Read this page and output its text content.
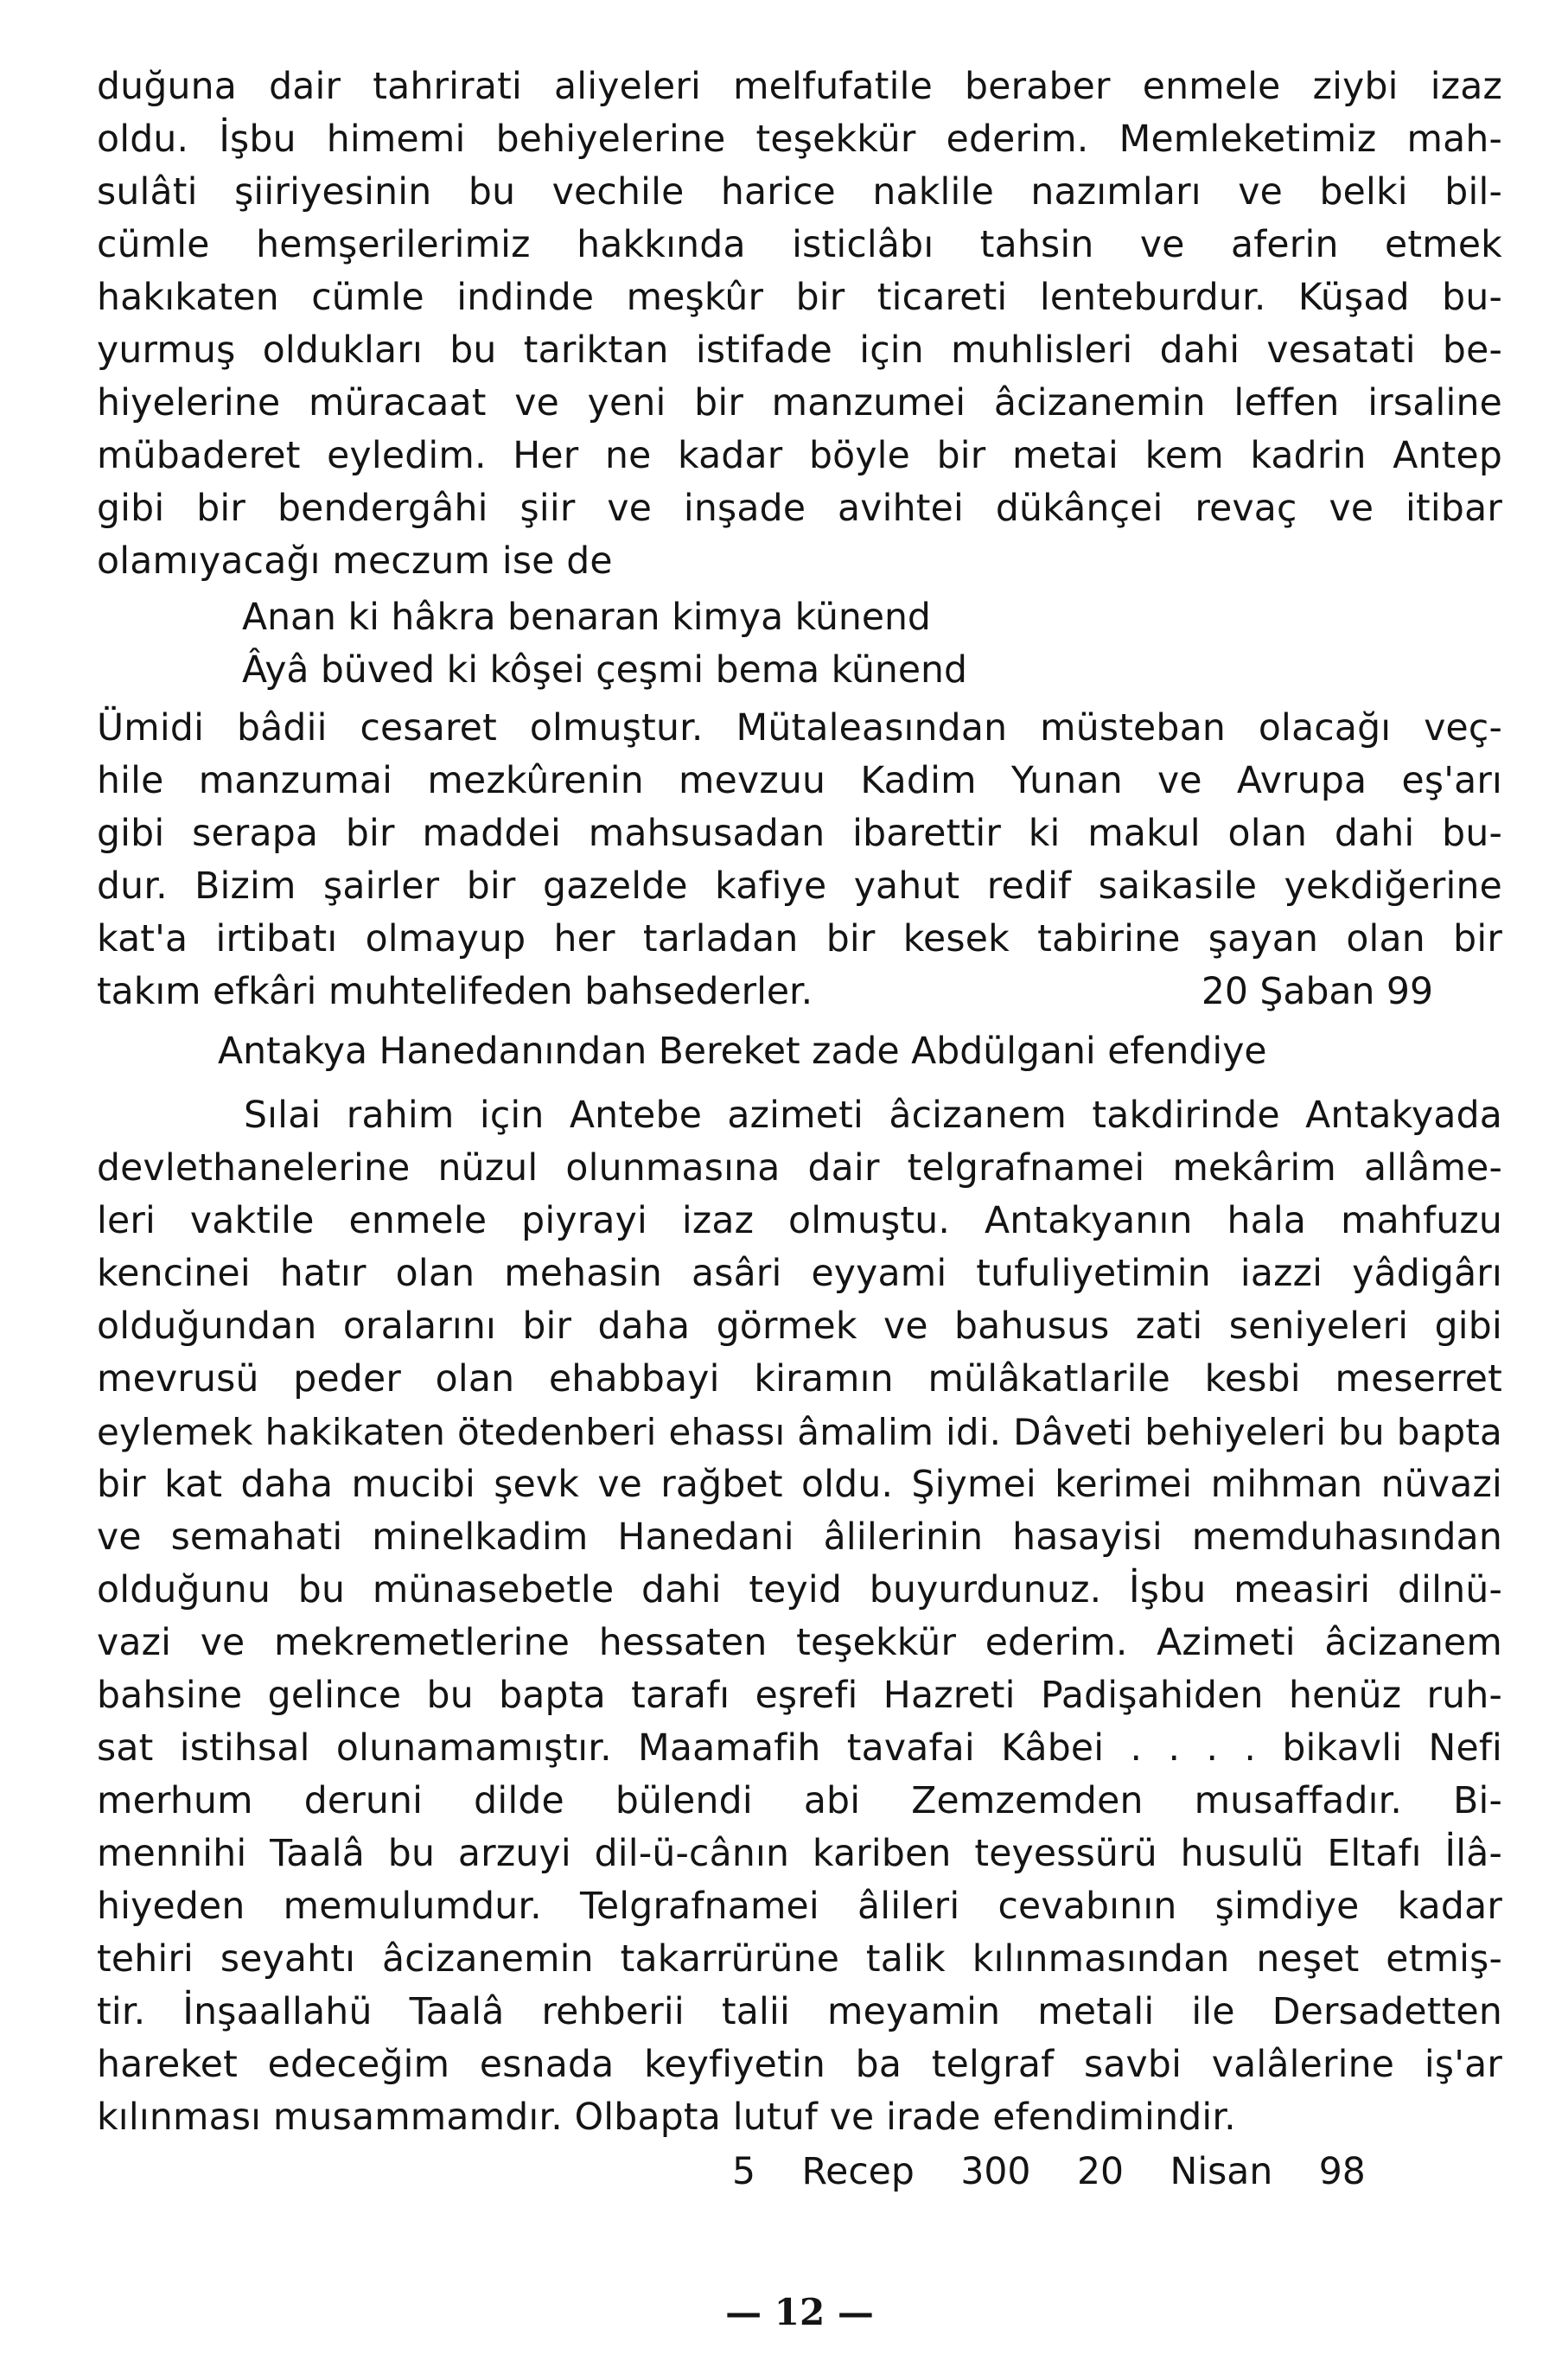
duğuna dair tahrirati aliyeleri melfufatile beraber enmele ziybi izaz
oldu. İşbu himemi behiyelerine teşekkür ederim. Memleketimiz mah-
sulâti şiiriyesinin bu vechile harice naklile nazımları ve belki bil-
cümle hemşerilerimiz hakkında isticlâbı tahsin ve aferin etmek
hakıkaten cümle indinde meşkûr bir ticareti lenteburdur. Küşad bu-
yurmuş oldukları bu tariktan istifade için muhlisleri dahi vesatati be-
hiyelerine müracaat ve yeni bir manzumei âcizanemin leffen irsaline
mübaderet eyledim. Her ne kadar böyle bir metai kem kadrin Antep
gibi bir bendergâhi şiir ve inşade avihtei dükânçei revaç ve itibar
olamıyacağı meczum ise de
Anan ki hâkra benaran kimya künend
Âyâ büved ki kôşei çeşmi bema künend
Ümidi bâdii cesaret olmuştur. Mütaleasından müsteban olacağı veç-
hile manzumai mezkûrenin mevzuu Kadim Yunan ve Avrupa eş'arı
gibi serapa bir maddei mahsusadan ibarettir ki makul olan dahi bu-
dur. Bizim şairler bir gazelde kafiye yahut redif saikasile yekdiğerine
kat'a irtibatı olmayup her tarladan bir kesek tabirine şayan olan bir
takım efkâri muhtelifeden bahsederler.	20 Şaban 99
Antakya Hanedanından Bereket zade Abdülgani efendiye
Sılai rahim için Antebe azimeti âcizanem takdirinde Antakyada
devlethanelerine nüzul olunmasına dair telgrafnamei mekârim allâme-
leri vaktile enmele piyrayi izaz olmuştu. Antakyanın hala mahfuzu
kencinei hatır olan mehasin asâri eyyami tufuliyetimin iazzi yâdigârı
olduğundan oralarını bir daha görmek ve bahusus zati seniyeleri gibi
mevrusü peder olan ehabbayi kiramın mülâkatlarile kesbi meserret
eylemek hakikaten ötedenberi ehassı âmalim idi. Dâveti behiyeleri bu bapta
bir kat daha mucibi şevk ve rağbet oldu. Şiymei kerimei mihman nüvazi
ve semahati minelkadim Hanedani âlilerinin hasayisi memduhasından
olduğunu bu münasebetle dahi teyid buyurdunuz. İşbu measiri dilnü-
vazi ve mekremetlerine hessaten teşekkür ederim. Azimeti âcizanem
bahsine gelince bu bapta tarafı eşrefi Hazreti Padişahiden henüz ruh-
sat istihsal olunamamıştır. Maamafih tavafai Kâbei . . . . bikavli Nefi
merhum deruni dilde bülendi abi Zemzemden musaffadır. Bi-
mennihi Taalâ bu arzuyi dil-ü-cânın kariben teyessürü husulü Eltafı İlâ-
hiyeden memulumdur. Telgrafnamei âlileri cevabının şimdiye kadar
tehiri seyahtı âcizanemin takarrürüne talik kılınmasından neşet etmiş-
tir. İnşaallahü Taalâ rehberii talii meyamin metali ile Dersadetten
hareket edeceğim esnada keyfiyetin ba telgraf savbi valâlerine iş'ar
kılınması musammamdır. Olbapta lutuf ve irade efendimindir.
5 Recep 300 20 Nisan 98
— 12 —
